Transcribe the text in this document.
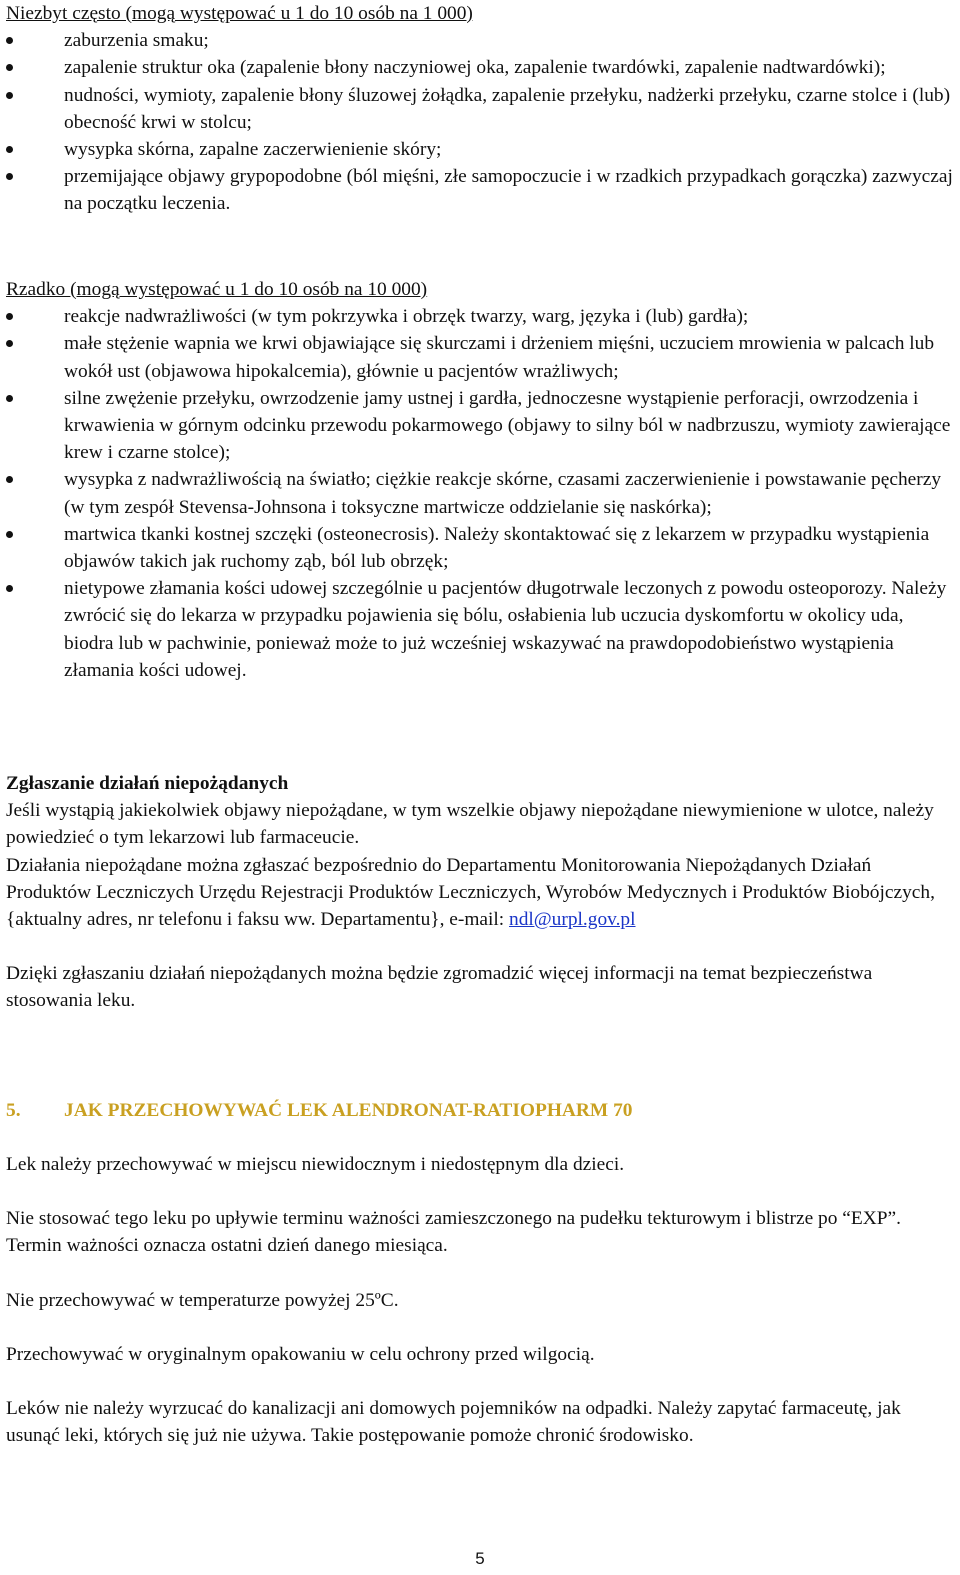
Niezbyt często (mogą występować u 1 do 10 osób na 1 000)
zaburzenia smaku;
zapalenie struktur oka (zapalenie błony naczyniowej oka, zapalenie twardówki, zapalenie nadtwardówki);
nudności, wymioty, zapalenie błony śluzowej żołądka, zapalenie przełyku, nadżerki przełyku, czarne stolce i (lub) obecność krwi w stolcu;
wysypka skórna, zapalne zaczerwienienie skóry;
przemijające objawy grypopodobne (ból mięśni, złe samopoczucie i w rzadkich przypadkach gorączka) zazwyczaj na początku leczenia.
Rzadko (mogą występować u 1 do 10 osób na 10 000)
reakcje nadwrażliwości (w tym pokrzywka i obrzęk twarzy, warg, języka i (lub) gardła);
małe stężenie wapnia we krwi objawiające się skurczami i drżeniem mięśni, uczuciem mrowienia w palcach lub wokół ust (objawowa hipokalcemia), głównie u pacjentów wrażliwych;
silne zwężenie przełyku, owrzodzenie jamy ustnej i gardła, jednoczesne wystąpienie perforacji, owrzodzenia i krwawienia w górnym odcinku przewodu pokarmowego (objawy to silny ból w nadbrzuszu, wymioty zawierające krew i czarne stolce);
wysypka z nadwrażliwością na światło; ciężkie reakcje skórne, czasami zaczerwienienie i powstawanie pęcherzy (w tym zespół Stevensa-Johnsona i toksyczne martwicze oddzielanie się naskórka);
martwica tkanki kostnej szczęki (osteonecrosis). Należy skontaktować się z lekarzem w przypadku wystąpienia objawów takich jak ruchomy ząb, ból lub obrzęk;
nietypowe złamania kości udowej szczególnie u pacjentów długotrwale leczonych z powodu osteoporozy. Należy zwrócić się do lekarza w przypadku pojawienia się bólu, osłabienia lub uczucia dyskomfortu w okolicy uda, biodra lub w pachwinie, ponieważ może to już wcześniej wskazywać na prawdopodobieństwo wystąpienia złamania kości udowej.
Zgłaszanie działań niepożądanych
Jeśli wystąpią jakiekolwiek objawy niepożądane, w tym wszelkie objawy niepożądane niewymienione w ulotce, należy powiedzieć o tym lekarzowi lub farmaceucie.
Działania niepożądane można zgłaszać bezpośrednio do Departamentu Monitorowania Niepożądanych Działań Produktów Leczniczych Urzędu Rejestracji Produktów Leczniczych, Wyrobów Medycznych i Produktów Biobójczych, {aktualny adres, nr telefonu i faksu ww. Departamentu}, e-mail: ndl@urpl.gov.pl
Dzięki zgłaszaniu działań niepożądanych można będzie zgromadzić więcej informacji na temat bezpieczeństwa stosowania leku.
5. JAK PRZECHOWYWAĆ LEK ALENDRONAT-RATIOPHARM 70
Lek należy przechowywać w miejscu niewidocznym i niedostępnym dla dzieci.
Nie stosować tego leku po upływie terminu ważności zamieszczonego na pudełku tekturowym i blistrze po “EXP”. Termin ważności oznacza ostatni dzień danego miesiąca.
Nie przechowywać w temperaturze powyżej 25ºC.
Przechowywać w oryginalnym opakowaniu w celu ochrony przed wilgocią.
Leków nie należy wyrzucać do kanalizacji ani domowych pojemników na odpadki. Należy zapytać farmaceutę, jak usunąć leki, których się już nie używa. Takie postępowanie pomoże chronić środowisko.
5
